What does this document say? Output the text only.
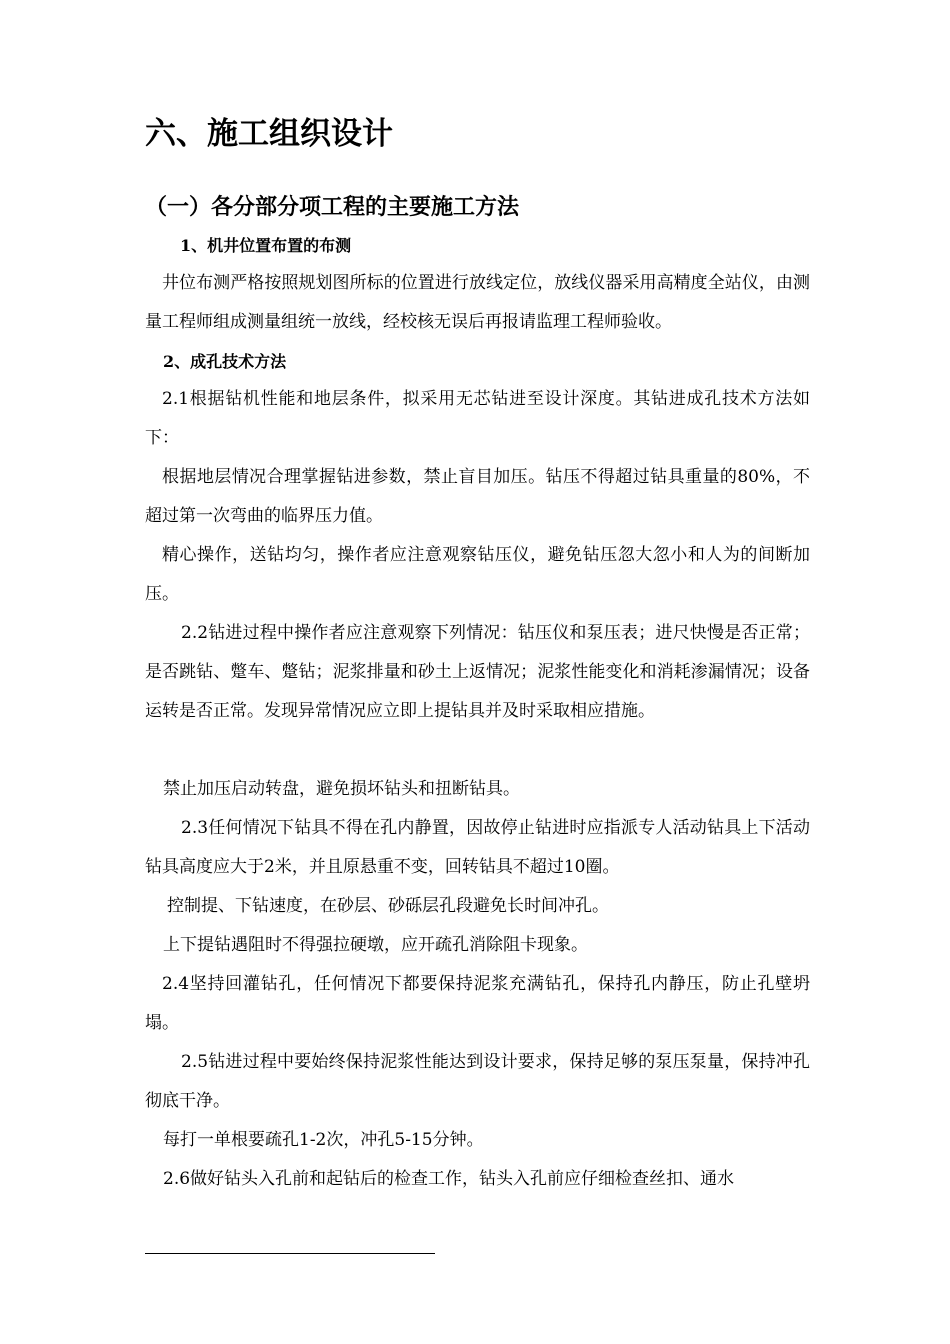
六、施工组织设计
（一）各分部分项工程的主要施工方法
1、机井位置布置的布测
井位布测严格按照规划图所标的位置进行放线定位，放线仪器采用高精度全站仪，由测量工程师组成测量组统一放线，经校核无误后再报请监理工程师验收。
2、成孔技术方法
2.1根据钻机性能和地层条件，拟采用无芯钻进至设计深度。其钻进成孔技术方法如下：
根据地层情况合理掌握钻进参数，禁止盲目加压。钻压不得超过钻具重量的80%，不超过第一次弯曲的临界压力值。
精心操作，送钻均匀，操作者应注意观察钻压仪，避免钻压忽大忽小和人为的间断加压。
2.2钻进过程中操作者应注意观察下列情况：钻压仪和泵压表；进尺快慢是否正常；是否跳钻、蹩车、蹩钻；泥浆排量和砂土上返情况；泥浆性能变化和消耗渗漏情况；设备运转是否正常。发现异常情况应立即上提钻具并及时采取相应措施。
禁止加压启动转盘，避免损坏钻头和扭断钻具。
2.3任何情况下钻具不得在孔内静置，因故停止钻进时应指派专人活动钻具上下活动钻具高度应大于2米，并且原悬重不变，回转钻具不超过10圈。
控制提、下钻速度，在砂层、砂砾层孔段避免长时间冲孔。
上下提钻遇阻时不得强拉硬墩，应开疏孔消除阻卡现象。
2.4坚持回灌钻孔，任何情况下都要保持泥浆充满钻孔，保持孔内静压，防止孔壁坍塌。
2.5钻进过程中要始终保持泥浆性能达到设计要求，保持足够的泵压泵量，保持冲孔彻底干净。
每打一单根要疏孔1-2次，冲孔5-15分钟。
2.6做好钻头入孔前和起钻后的检查工作，钻头入孔前应仔细检查丝扣、通水
